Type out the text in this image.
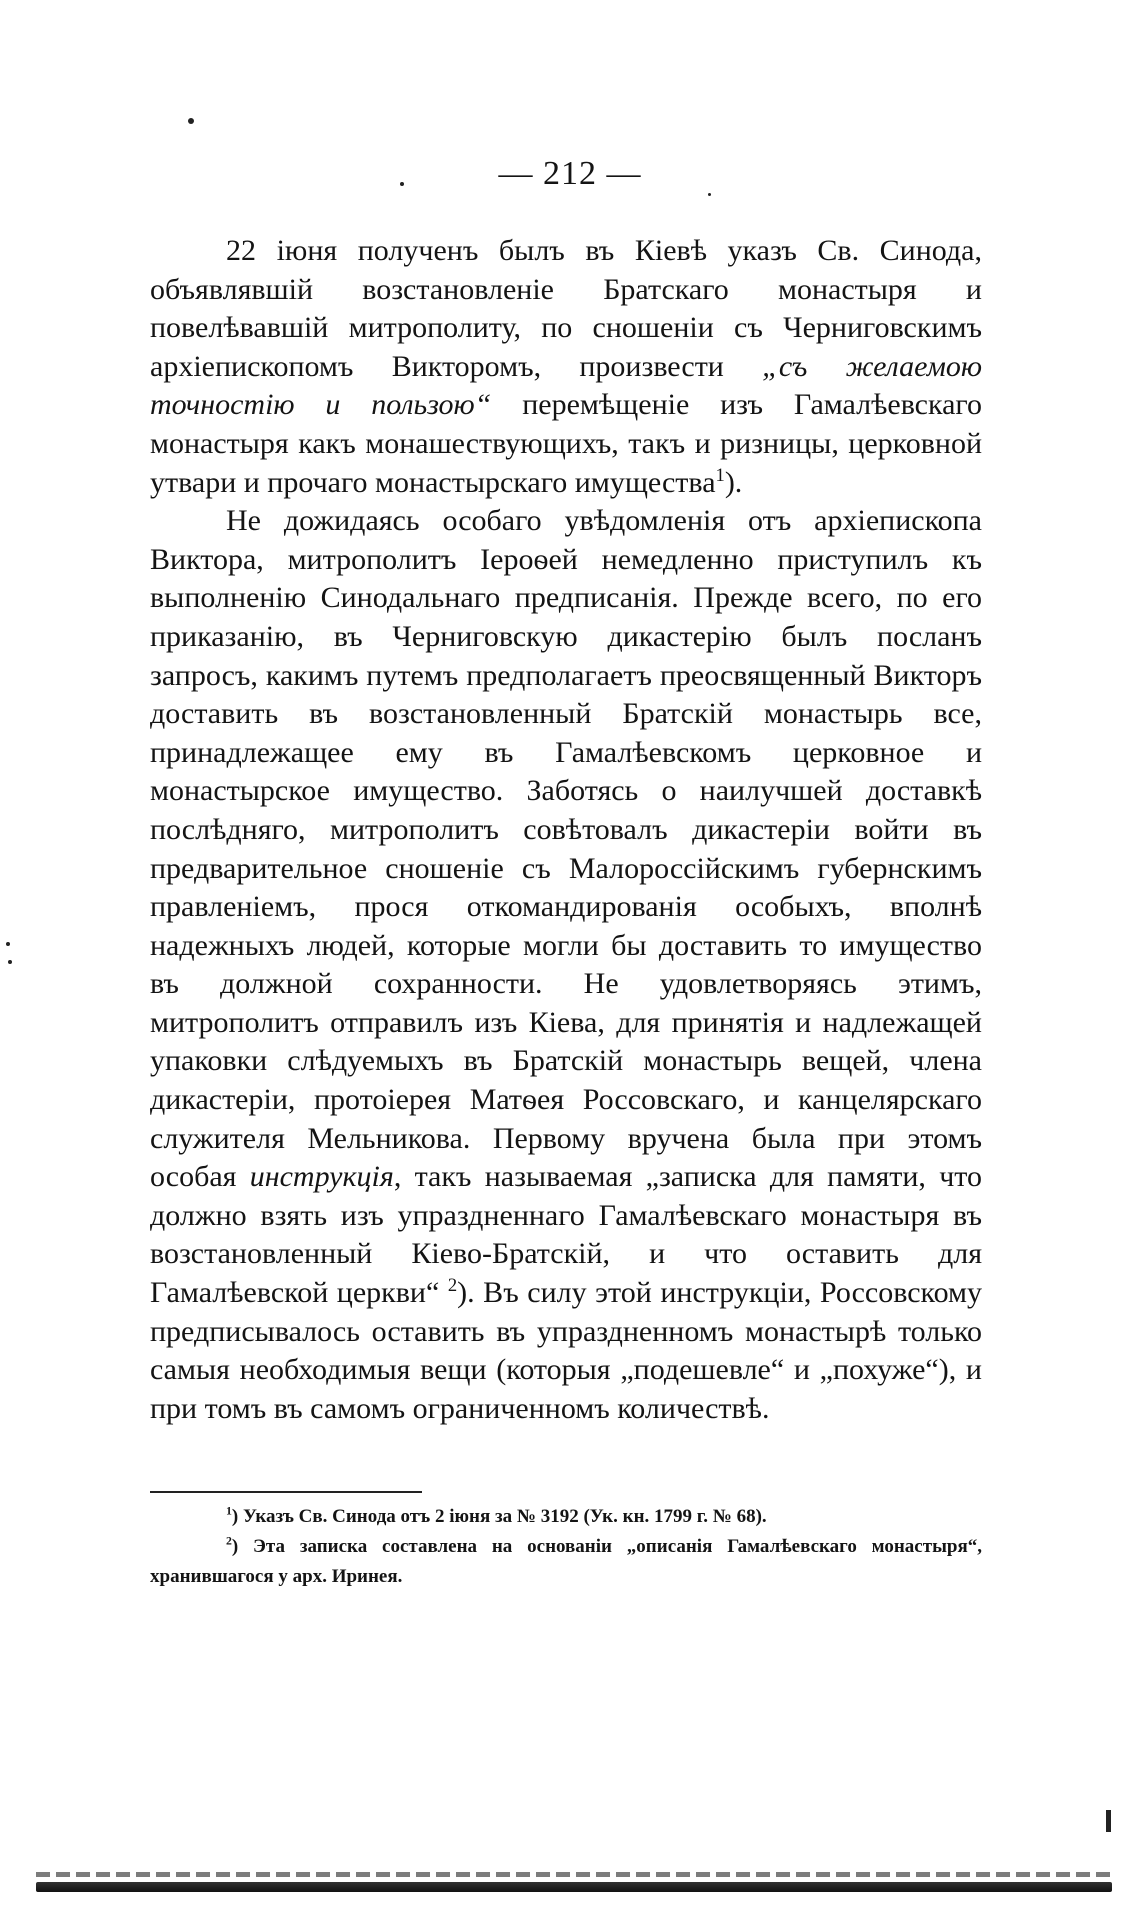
— 212 —

22 іюня полученъ былъ въ Кіевѣ указъ Св. Синода, объявлявшій возстановленіе Братскаго монастыря и повелѣвавшій митрополиту, по сношеніи съ Черниговскимъ архіепископомъ Викторомъ, произвести „съ желаемою точностію и пользою“ перемѣщеніе изъ Гамалѣевскаго монастыря какъ монашествующихъ, такъ и ризницы, церковной утвари и прочаго монастырскаго имущества$^1$).

Не дожидаясь особаго увѣдомленія отъ архіепископа Виктора, митрополитъ Іероѳей немедленно приступилъ къ выполненію Синодальнаго предписанія. Прежде всего, по его приказанію, въ Черниговскую дикастерію былъ посланъ запросъ, какимъ путемъ предполагаетъ преосвященный Викторъ доставить въ возстановленный Братскій монастырь все, принадлежащее ему въ Гамалѣевскомъ церковное и монастырское имущество. Заботясь о наилучшей доставкѣ послѣдняго, митрополитъ совѣтовалъ дикастеріи войти въ предварительное сношеніе съ Малороссійскимъ губернскимъ правленіемъ, прося откомандированія особыхъ, вполнѣ надежныхъ людей, которые могли бы доставить то имущество въ должной сохранности. Не удовлетворяясь этимъ, митрополитъ отправилъ изъ Кіева, для принятія и надлежащей упаковки слѣдуемыхъ въ Братскій монастырь вещей, члена дикастеріи, протоіерея Матѳея Россовскаго, и канцелярскаго служителя Мельникова. Первому вручена была при этомъ особая инструкція, такъ называемая „записка для памяти, что должно взять изъ упраздненнаго Гамалѣевскаго монастыря въ возстановленный Кіево-Братскій, и что оставить для Гамалѣевской церкви“ $^2$). Въ силу этой инструкціи, Россовскому предписывалось оставить въ упраздненномъ монастырѣ только самыя необходимыя вещи (которыя „подешевле“ и „похуже“), и при томъ въ самомъ ограниченномъ количествѣ.

$^1$) Указъ Св. Синода отъ 2 іюня за № 3192 (Ук. кн. 1799 г. № 68).

$^2$) Эта записка составлена на основаніи „описанія Гамалѣевскаго монастыря“, хранившагося у арх. Иринея.
